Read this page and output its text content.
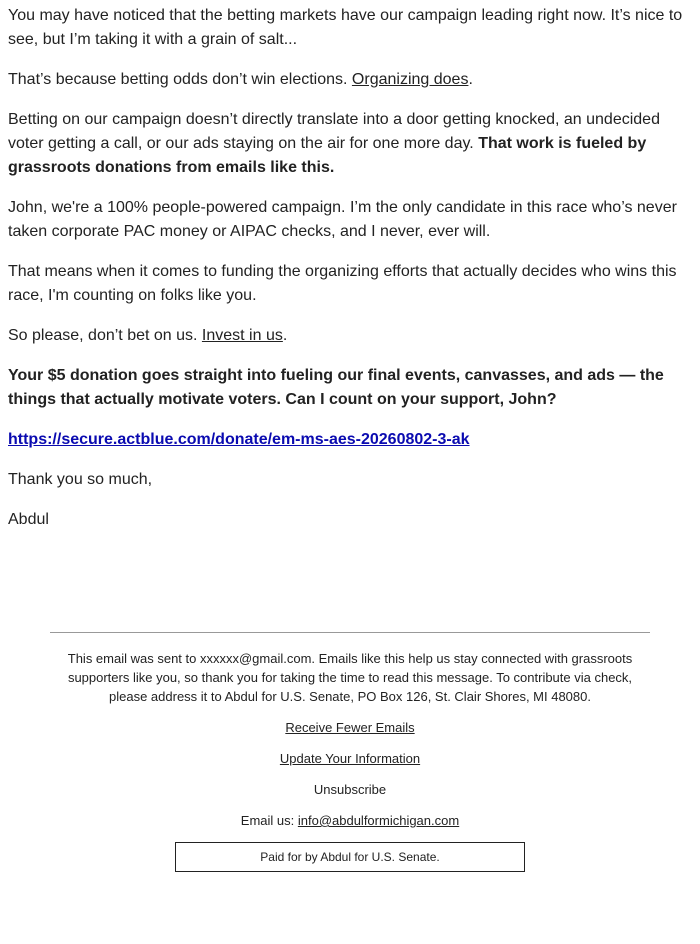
You may have noticed that the betting markets have our campaign leading right now. It’s nice to see, but I’m taking it with a grain of salt...

That’s because betting odds don’t win elections. Organizing does.

Betting on our campaign doesn’t directly translate into a door getting knocked, an undecided voter getting a call, or our ads staying on the air for one more day. That work is fueled by grassroots donations from emails like this.

John, we're a 100% people-powered campaign. I’m the only candidate in this race who’s never taken corporate PAC money or AIPAC checks, and I never, ever will.

That means when it comes to funding the organizing efforts that actually decides who wins this race, I'm counting on folks like you.

So please, don’t bet on us. Invest in us.

Your $5 donation goes straight into fueling our final events, canvasses, and ads — the things that actually motivate voters. Can I count on your support, John?

https://secure.actblue.com/donate/em-ms-aes-20260802-3-ak

Thank you so much,

Abdul

This email was sent to xxxxxx@gmail.com. Emails like this help us stay connected with grassroots supporters like you, so thank you for taking the time to read this message. To contribute via check, please address it to Abdul for U.S. Senate, PO Box 126, St. Clair Shores, MI 48080.

Receive Fewer Emails

Update Your Information

Unsubscribe

Email us: info@abdulformichigan.com

Paid for by Abdul for U.S. Senate.
